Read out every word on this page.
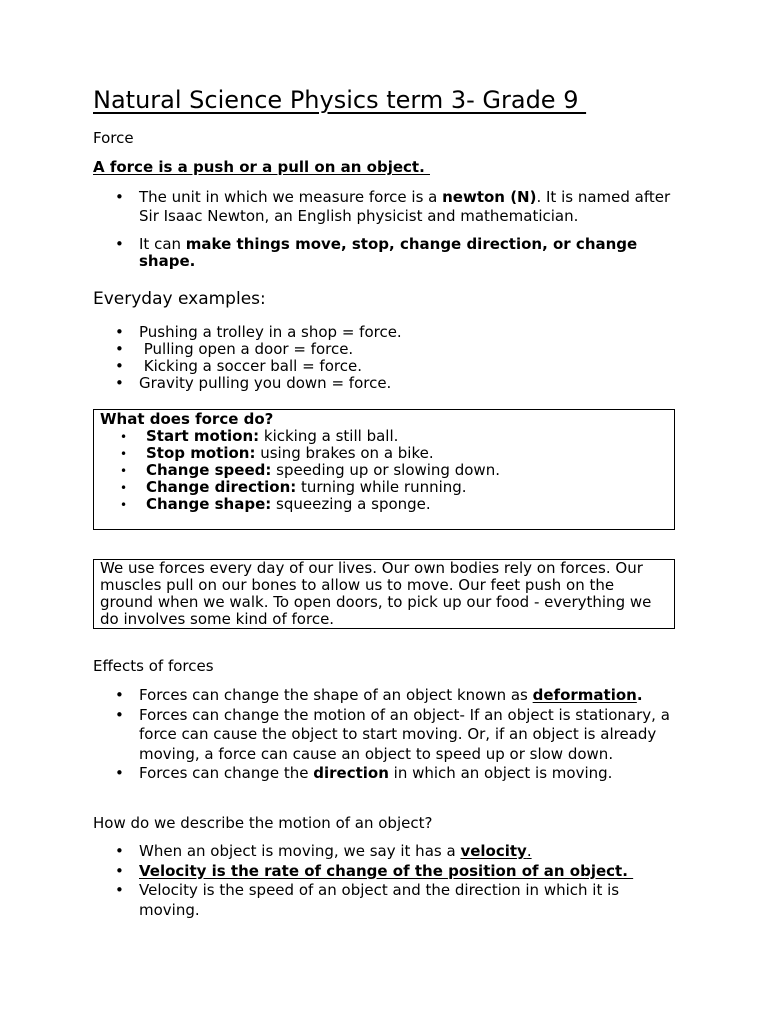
Natural Science Physics term 3- Grade 9

Force

A force is a push or a pull on an object.

• The unit in which we measure force is a newton (N). It is named after Sir Isaac Newton, an English physicist and mathematician.
• It can make things move, stop, change direction, or change shape.

Everyday examples:

• Pushing a trolley in a shop = force.
•  Pulling open a door = force.
•  Kicking a soccer ball = force.
• Gravity pulling you down = force.
What does force do?
• Start motion: kicking a still ball.
• Stop motion: using brakes on a bike.
• Change speed: speeding up or slowing down.
• Change direction: turning while running.
• Change shape: squeezing a sponge.
We use forces every day of our lives. Our own bodies rely on forces. Our muscles pull on our bones to allow us to move. Our feet push on the ground when we walk. To open doors, to pick up our food - everything we do involves some kind of force.

Effects of forces

• Forces can change the shape of an object known as deformation.
• Forces can change the motion of an object- If an object is stationary, a force can cause the object to start moving. Or, if an object is already moving, a force can cause an object to speed up or slow down.
• Forces can change the direction in which an object is moving.

How do we describe the motion of an object?

• When an object is moving, we say it has a velocity.
• Velocity is the rate of change of the position of an object.
• Velocity is the speed of an object and the direction in which it is moving.
